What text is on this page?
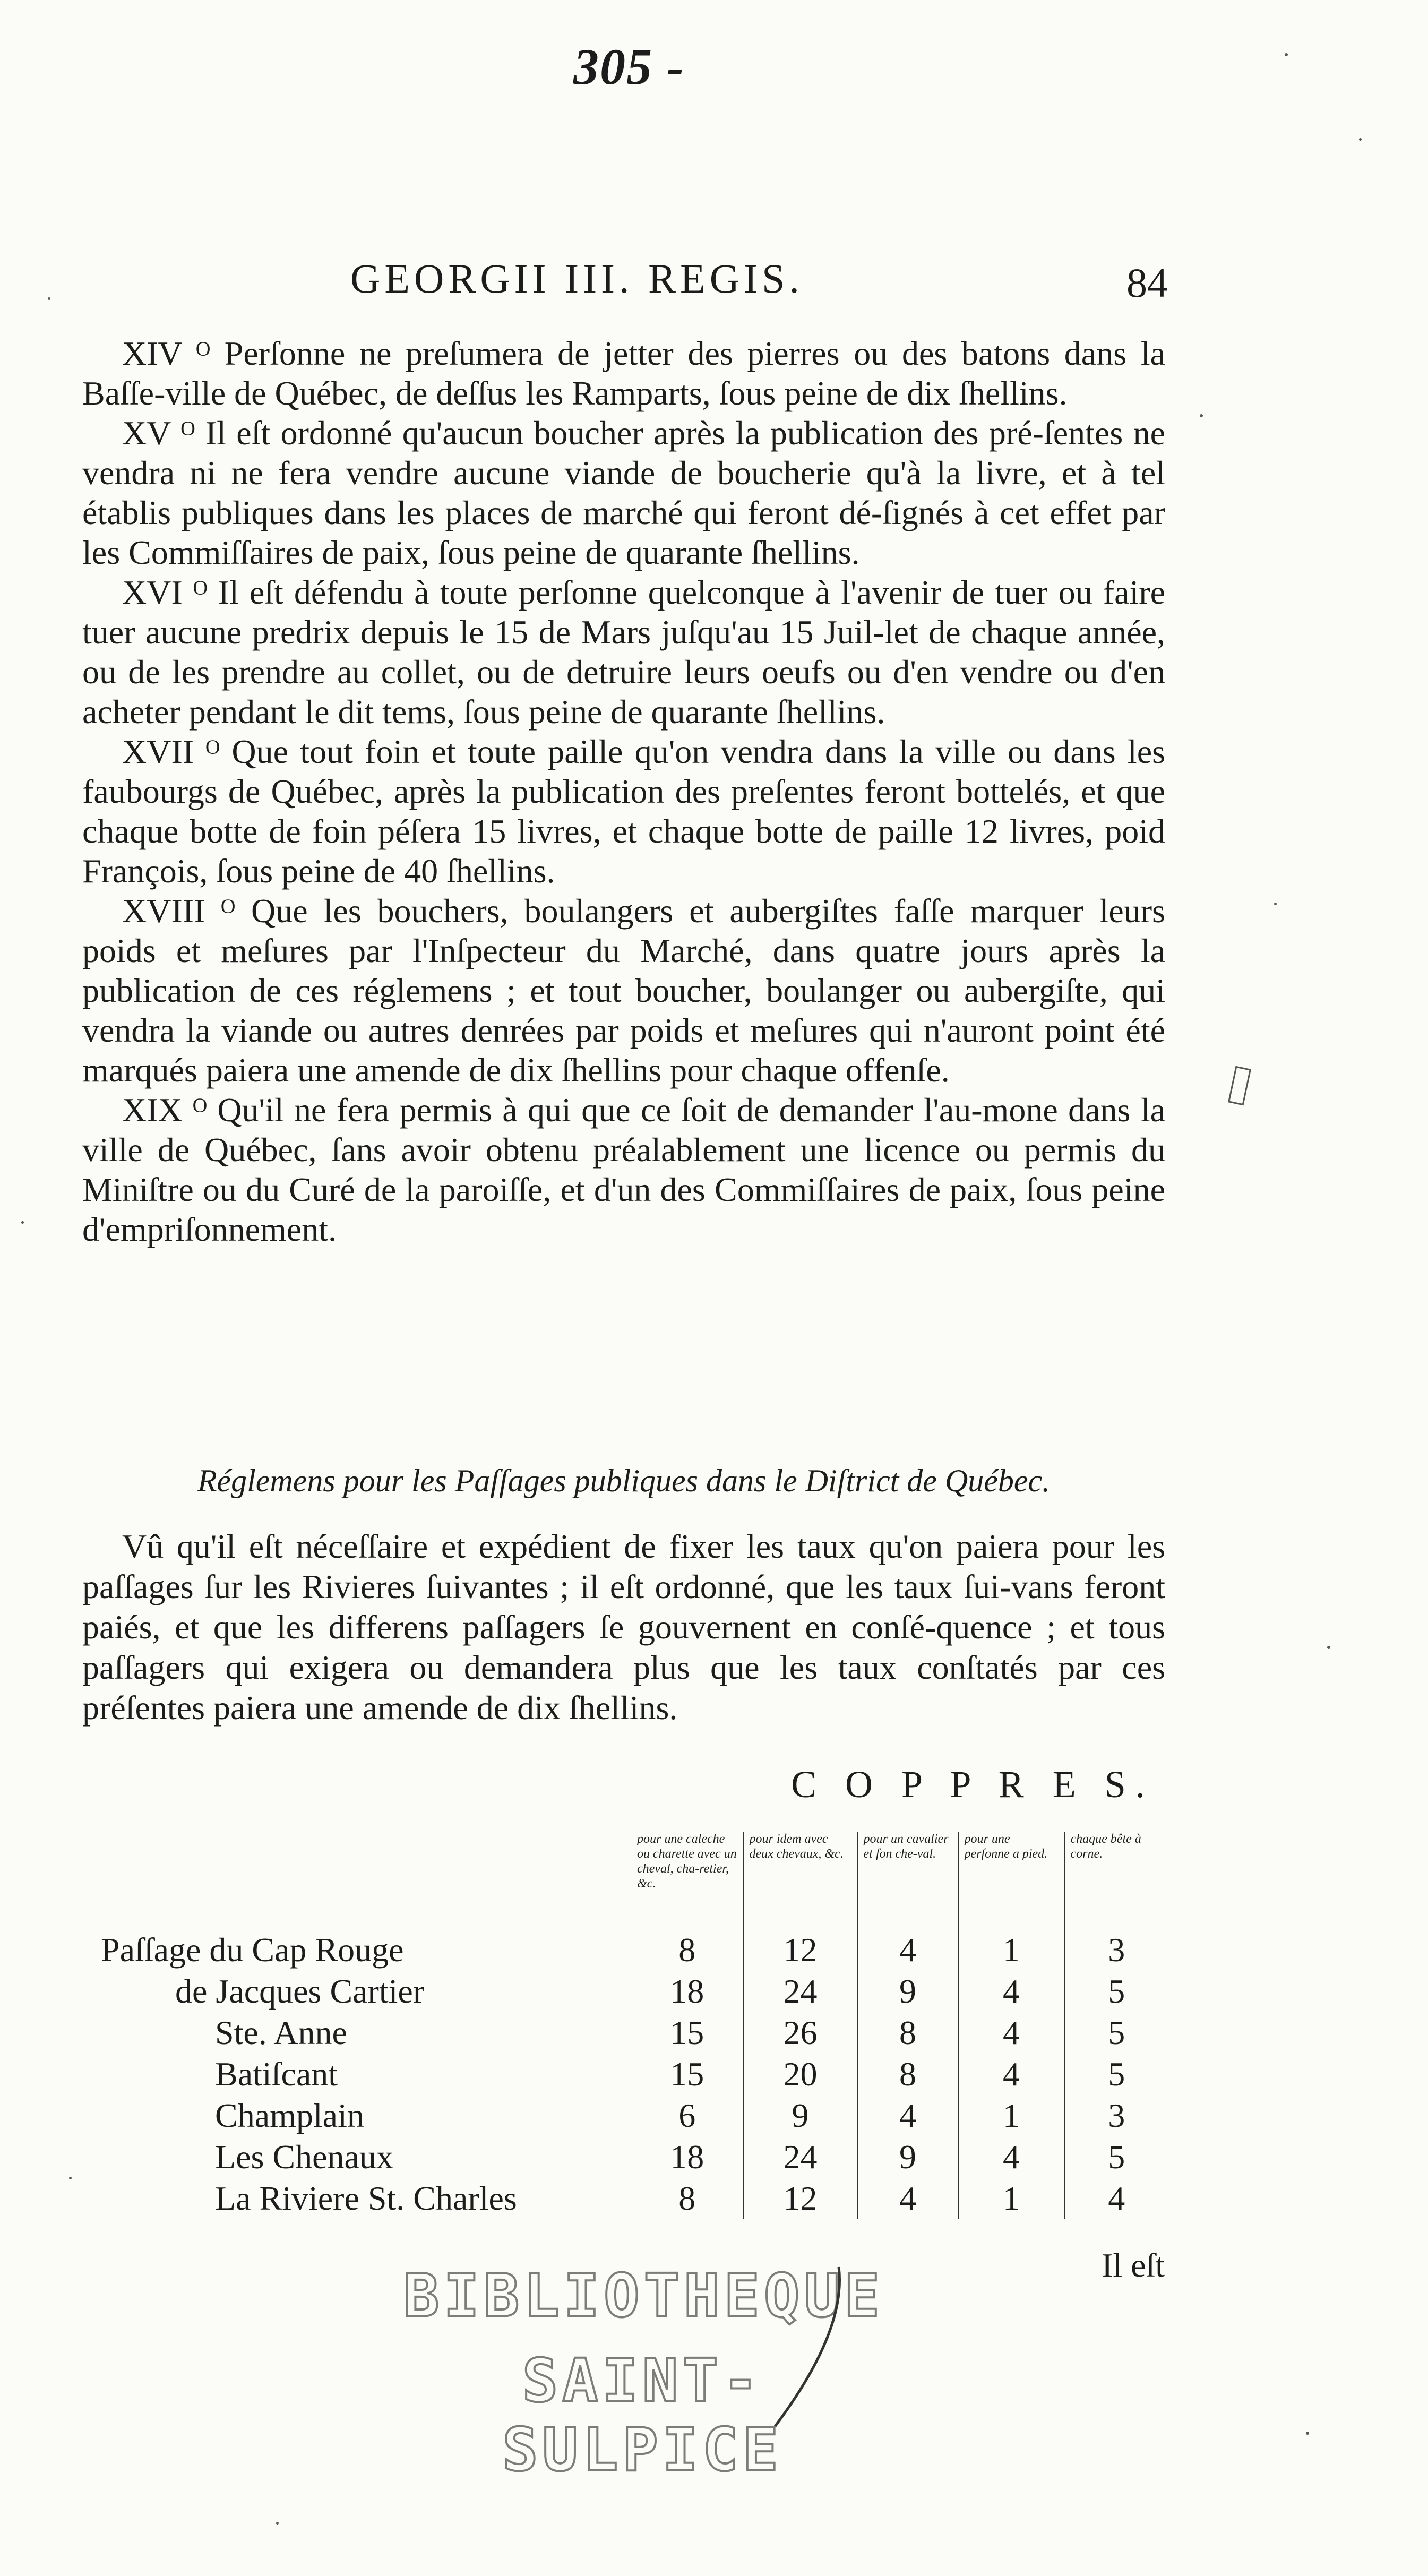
305 -
GEORGII III. REGIS.	84

XIV ᴼ Perſonne ne preſumera de jetter des pierres ou des batons dans la Baſſe-ville de Québec, de deſſus les Ramparts, ſous peine de dix ſhellins.

XV ᴼ Il eſt ordonné qu'aucun boucher après la publication des pré-ſentes ne vendra ni ne fera vendre aucune viande de boucherie qu'à la livre, et à tel établis publiques dans les places de marché qui feront dé-ſignés à cet effet par les Commiſſaires de paix, ſous peine de quarante ſhellins.

XVI ᴼ Il eſt défendu à toute perſonne quelconque à l'avenir de tuer ou faire tuer aucune predrix depuis le 15 de Mars juſqu'au 15 Juil-let de chaque année, ou de les prendre au collet, ou de detruire leurs oeufs ou d'en vendre ou d'en acheter pendant le dit tems, ſous peine de quarante ſhellins.

XVII ᴼ Que tout foin et toute paille qu'on vendra dans la ville ou dans les faubourgs de Québec, après la publication des preſentes feront bottelés, et que chaque botte de foin péſera 15 livres, et chaque botte de paille 12 livres, poid François, ſous peine de 40 ſhellins.

XVIII ᴼ Que les bouchers, boulangers et aubergiſtes faſſe marquer leurs poids et meſures par l'Inſpecteur du Marché, dans quatre jours après la publication de ces réglemens ; et tout boucher, boulanger ou aubergiſte, qui vendra la viande ou autres denrées par poids et meſures qui n'auront point été marqués paiera une amende de dix ſhellins pour chaque offenſe.

XIX ᴼ Qu'il ne fera permis à qui que ce ſoit de demander l'au-mone dans la ville de Québec, ſans avoir obtenu préalablement une licence ou permis du Miniſtre ou du Curé de la paroiſſe, et d'un des Commiſſaires de paix, ſous peine d'empriſonnement.

Réglemens pour les Paſſages publiques dans le Diſtrict de Québec.

Vû qu'il eſt néceſſaire et expédient de fixer les taux qu'on paiera pour les paſſages ſur les Rivieres ſuivantes ; il eſt ordonné, que les taux ſui-vans feront paiés, et que les differens paſſagers ſe gouvernent en conſé-quence ; et tous paſſagers qui exigera ou demandera plus que les taux conſtatés par ces préſentes paiera une amende de dix ſhellins.

C O P P R E S.
	pour une caleche ou charette avec un cheval, cha-retier, &c.	pour idem avec deux chevaux, &c.	pour un cavalier et ſon che-val.	pour une perſonne a pied.	chaque bête à corne.
Paſſage du Cap Rouge	8	12	4	1	3
de Jacques Cartier	18	24	9	4	5
Ste. Anne	15	26	8	4	5
Batiſcant	15	20	8	4	5
Champlain	6	9	4	1	3
Les Chenaux	18	24	9	4	5
La Riviere St. Charles	8	12	4	1	4
Il eſt
BIBLIOTHEQUE
SAINT-SULPICE
